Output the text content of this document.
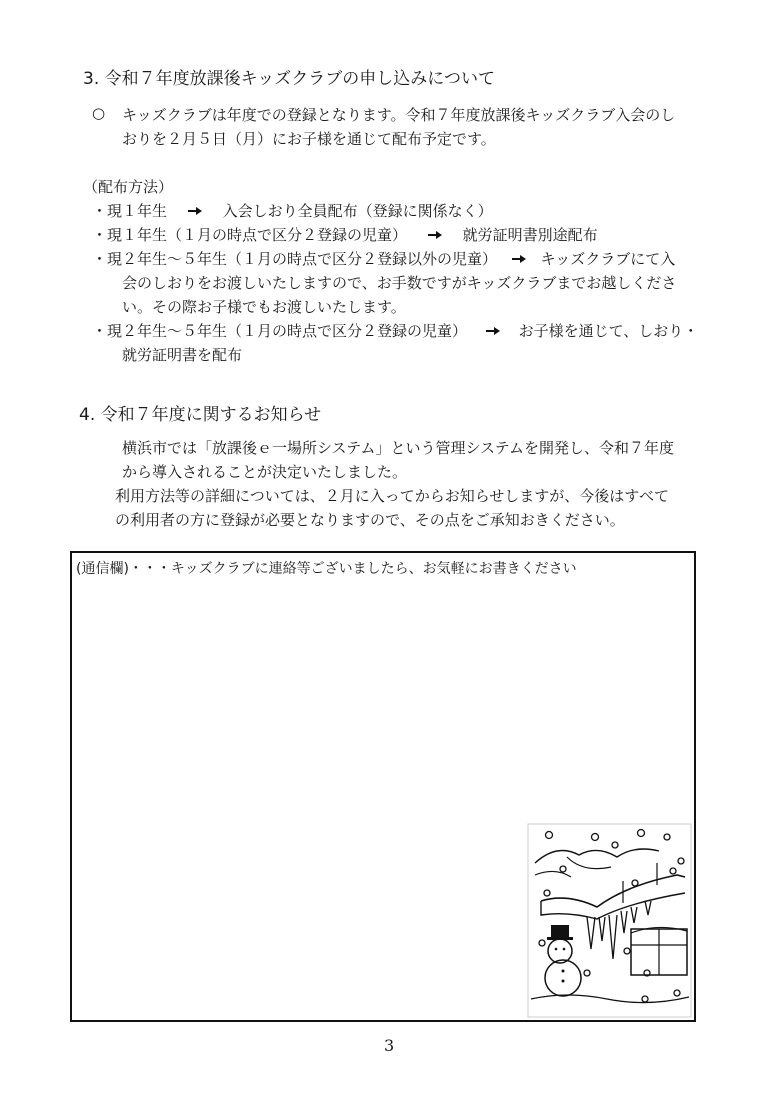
3. 令和７年度放課後キッズクラブの申し込みについて
○ キッズクラブは年度での登録となります。令和７年度放課後キッズクラブ入会のし
おりを２月５日（月）にお子様を通じて配布予定です。
（配布方法）
・現１年生	入会しおり全員配布（登録に関係なく）
・現１年生（１月の時点で区分２登録の児童）	就労証明書別途配布
・現２年生～５年生（１月の時点で区分２登録以外の児童）	キッズクラブにて入
会のしおりをお渡しいたしますので、お手数ですがキッズクラブまでお越しくださ
い。その際お子様でもお渡しいたします。
・現２年生～５年生（１月の時点で区分２登録の児童）	お子様を通じて、しおり・
就労証明書を配布
4. 令和７年度に関するお知らせ
横浜市では「放課後ｅ一場所システム」という管理システムを開発し、令和７年度
から導入されることが決定いたしました。
利用方法等の詳細については、２月に入ってからお知らせしますが、今後はすべて
の利用者の方に登録が必要となりますので、その点をご承知おきください。
(通信欄)・・・キッズクラブに連絡等ございましたら、お気軽にお書きください
3
